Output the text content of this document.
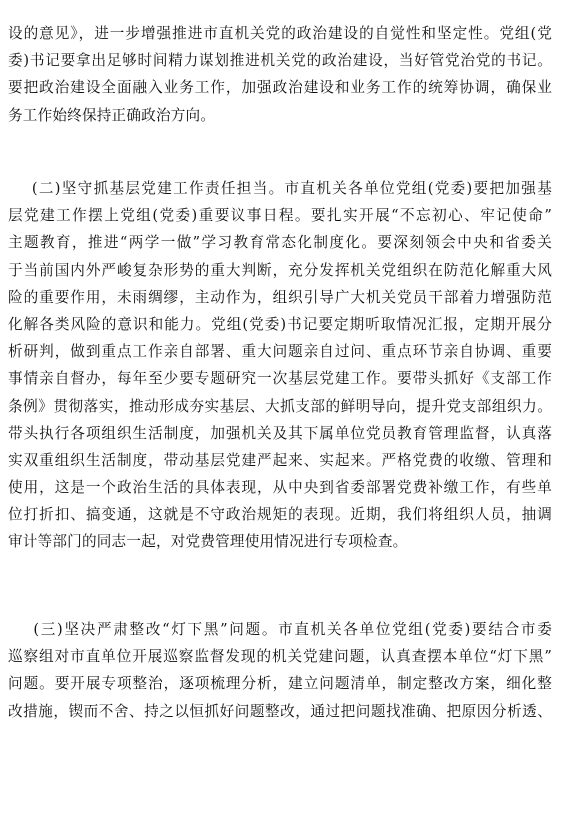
设的意见》，进一步增强推进市直机关党的政治建设的自觉性和坚定性。党组(党
委)书记要拿出足够时间精力谋划推进机关党的政治建设，当好管党治党的书记。
要把政治建设全面融入业务工作，加强政治建设和业务工作的统筹协调，确保业
务工作始终保持正确政治方向。
(二)坚守抓基层党建工作责任担当。市直机关各单位党组(党委)要把加强基
层党建工作摆上党组(党委)重要议事日程。要扎实开展“不忘初心、牢记使命”
主题教育，推进“两学一做”学习教育常态化制度化。要深刻领会中央和省委关
于当前国内外严峻复杂形势的重大判断，充分发挥机关党组织在防范化解重大风
险的重要作用，未雨绸缪，主动作为，组织引导广大机关党员干部着力增强防范
化解各类风险的意识和能力。党组(党委)书记要定期听取情况汇报，定期开展分
析研判，做到重点工作亲自部署、重大问题亲自过问、重点环节亲自协调、重要
事情亲自督办，每年至少要专题研究一次基层党建工作。要带头抓好《支部工作
条例》贯彻落实，推动形成夯实基层、大抓支部的鲜明导向，提升党支部组织力。
带头执行各项组织生活制度，加强机关及其下属单位党员教育管理监督，认真落
实双重组织生活制度，带动基层党建严起来、实起来。严格党费的收缴、管理和
使用，这是一个政治生活的具体表现，从中央到省委部署党费补缴工作，有些单
位打折扣、搞变通，这就是不守政治规矩的表现。近期，我们将组织人员，抽调
审计等部门的同志一起，对党费管理使用情况进行专项检查。
(三)坚决严肃整改“灯下黑”问题。市直机关各单位党组(党委)要结合市委
巡察组对市直单位开展巡察监督发现的机关党建问题，认真查摆本单位“灯下黑”
问题。要开展专项整治，逐项梳理分析，建立问题清单，制定整改方案，细化整
改措施，锲而不舍、持之以恒抓好问题整改，通过把问题找准确、把原因分析透、
